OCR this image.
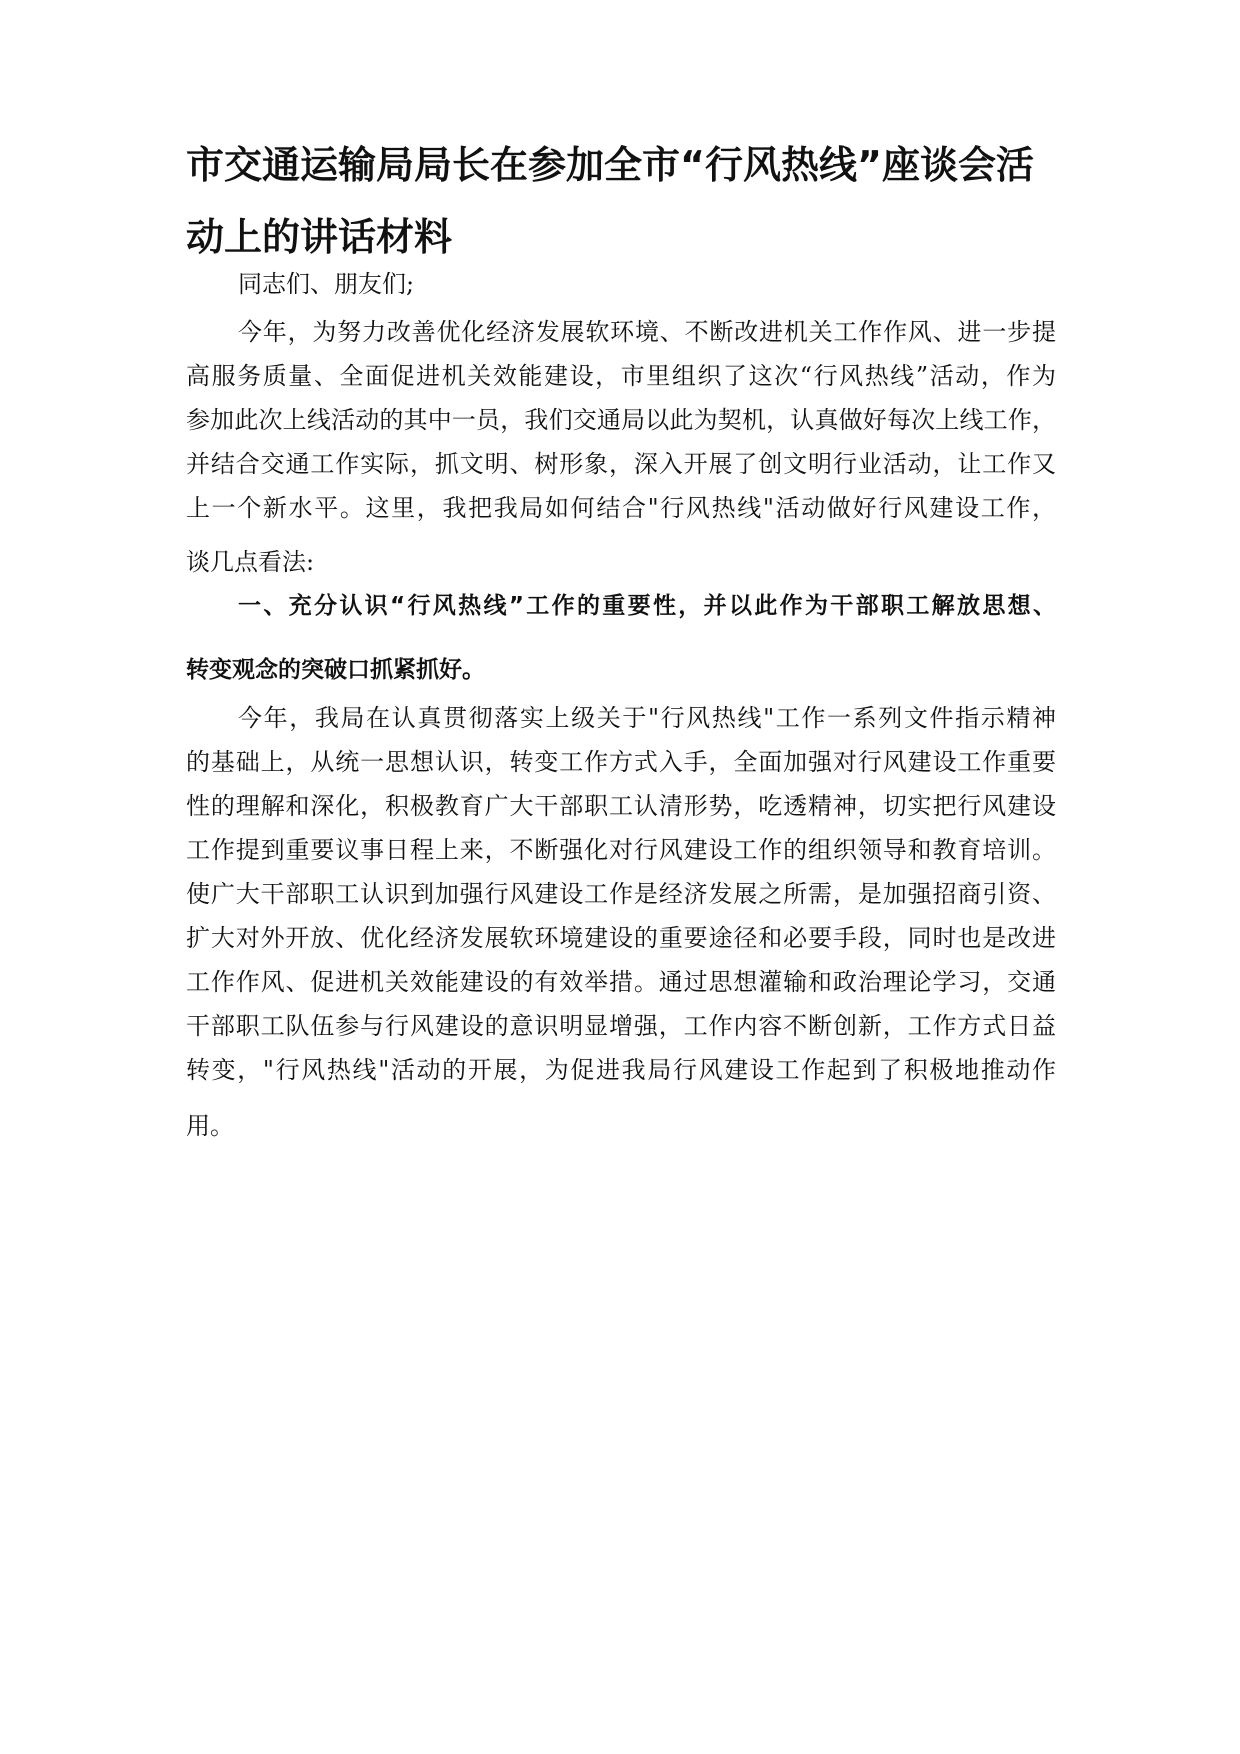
市交通运输局局长在参加全市“行风热线”座谈会活
动上的讲话材料
同志们、朋友们;
今年，为努力改善优化经济发展软环境、不断改进机关工作作风、进一步提
高服务质量、全面促进机关效能建设，市里组织了这次“行风热线”活动，作为
参加此次上线活动的其中一员，我们交通局以此为契机，认真做好每次上线工作，
并结合交通工作实际，抓文明、树形象，深入开展了创文明行业活动，让工作又
上一个新水平。这里，我把我局如何结合"行风热线"活动做好行风建设工作，
谈几点看法:
一、充分认识“行风热线”工作的重要性，并以此作为干部职工解放思想、
转变观念的突破口抓紧抓好。
今年，我局在认真贯彻落实上级关于"行风热线"工作一系列文件指示精神
的基础上，从统一思想认识，转变工作方式入手，全面加强对行风建设工作重要
性的理解和深化，积极教育广大干部职工认清形势，吃透精神，切实把行风建设
工作提到重要议事日程上来，不断强化对行风建设工作的组织领导和教育培训。
使广大干部职工认识到加强行风建设工作是经济发展之所需，是加强招商引资、
扩大对外开放、优化经济发展软环境建设的重要途径和必要手段，同时也是改进
工作作风、促进机关效能建设的有效举措。通过思想灌输和政治理论学习，交通
干部职工队伍参与行风建设的意识明显增强，工作内容不断创新，工作方式日益
转变，"行风热线"活动的开展，为促进我局行风建设工作起到了积极地推动作
用。
